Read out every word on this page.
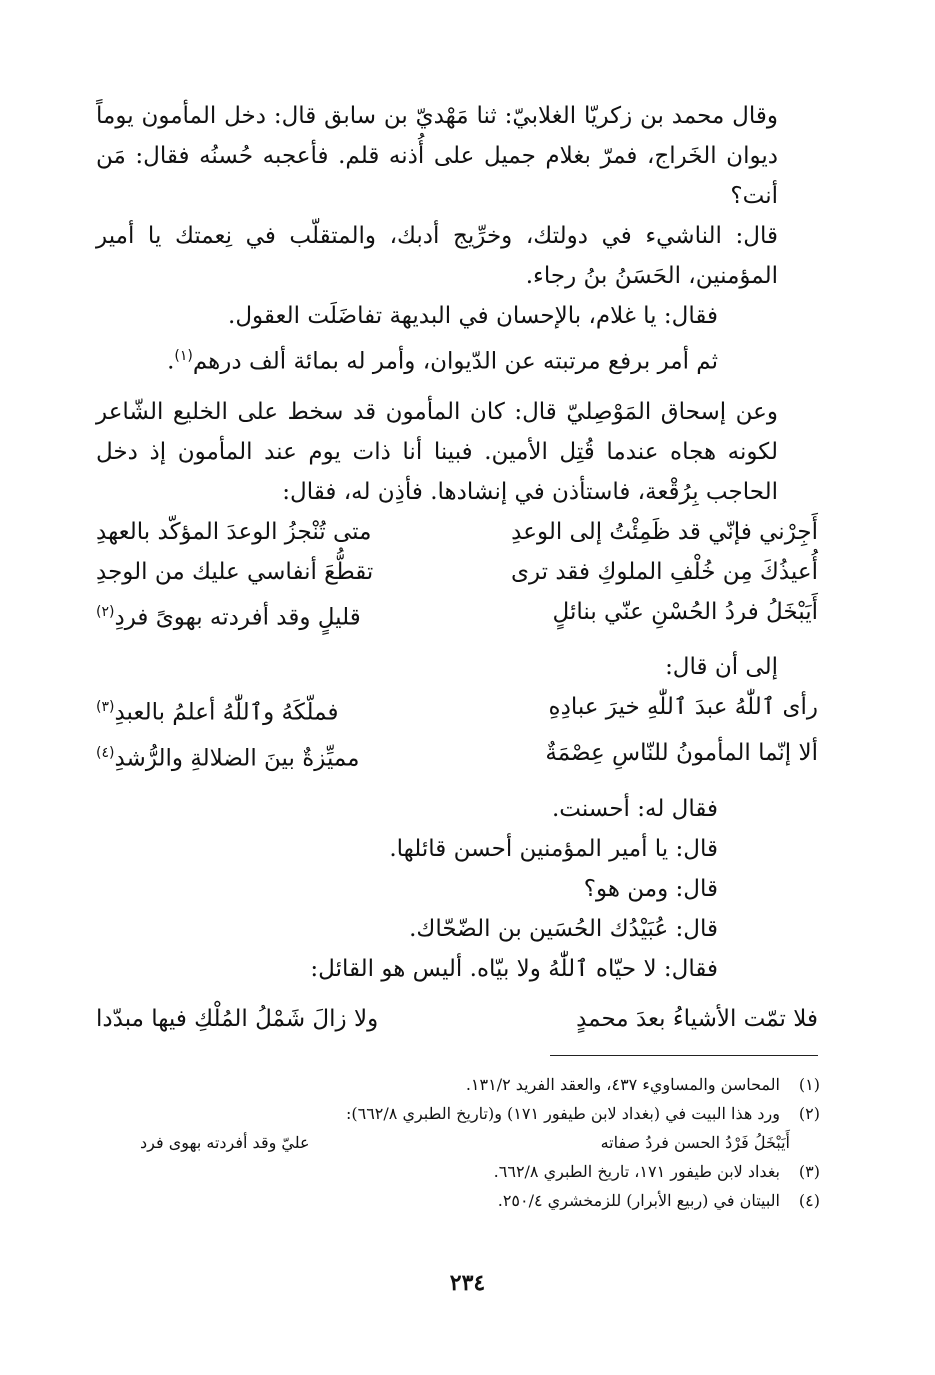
وقال محمد بن زكريّا الغلابيّ: ثنا مَهْديّ بن سابق قال: دخل المأمون يوماً ديوان الخَراج، فمرّ بغلام جميل على أُذنه قلم. فأعجبه حُسنُه فقال: مَن أنت؟

قال: الناشيء في دولتك، وخرِّيج أدبك، والمتقلّب في نِعمتك يا أمير المؤمنين، الحَسَنُ بنُ رجاء.

فقال: يا غلام، بالإحسان في البديهة تفاضَلَت العقول.

ثم أمر برفع مرتبته عن الدّيوان، وأمر له بمائة ألف درهم$^{(١)}$.

وعن إسحاق المَوْصِليّ قال: كان المأمون قد سخط على الخليع الشّاعر لكونه هجاه عندما قُتِل الأمين. فبينا أنا ذات يوم عند المأمون إذ دخل الحاجب بِرُقْعة، فاستأذن في إنشادها. فأذِن له، فقال:

أَجِرْني فإنّي قد ظَمِئْتُ إلى الوعدِ
متى تُنْجزُ الوعدَ المؤكّد بالعهدِ
أُعيذُكَ مِن خُلْفِ الملوكِ فقد ترى
تقطُّعَ أنفاسي عليك من الوجدِ
أَيَبْخَلُ فردُ الحُسْنِ عنّي بنائلٍ
قليلٍ وقد أفردته بهوىً فردِ$^{(٢)}$

إلى أن قال:

رأى ٱللّٰهُ عبدَ ٱللّٰهِ خيرَ عبادِهِ
فملّكَهُ وٱللّٰهُ أعلمُ بالعبدِ$^{(٣)}$
ألا إنّما المأمونُ للنّاسِ عِصْمَةٌ
مميِّزةٌ بينَ الضلالةِ والرُّشدِ$^{(٤)}$

فقال له: أحسنت.

قال: يا أمير المؤمنين أحسن قائلها.

قال: ومن هو؟

قال: عُبَيْدُك الحُسَين بن الضّحّاك.

فقال: لا حيّاه ٱللّٰهُ ولا بيّاه. أليس هو القائل:

فلا تمّت الأشياءُ بعدَ محمدٍ
ولا زالَ شَمْلُ المُلْكِ فيها مبدّدا
(١)
المحاسن والمساويء ٤٣٧، والعقد الفريد ١٣١/٢.
(٢)
ورد هذا البيت في (بغداد لابن طيفور ١٧١) و(تاريخ الطبري ٦٦٢/٨):
أَيَبْخَلُ فَرْدُ الحسن فردُ صفاته
عليّ وقد أفردته بهوى فرد
(٣)
بغداد لابن طيفور ١٧١، تاريخ الطبري ٦٦٢/٨.
(٤)
البيتان في (ربيع الأبرار) للزمخشري ٢٥٠/٤.
٢٣٤
